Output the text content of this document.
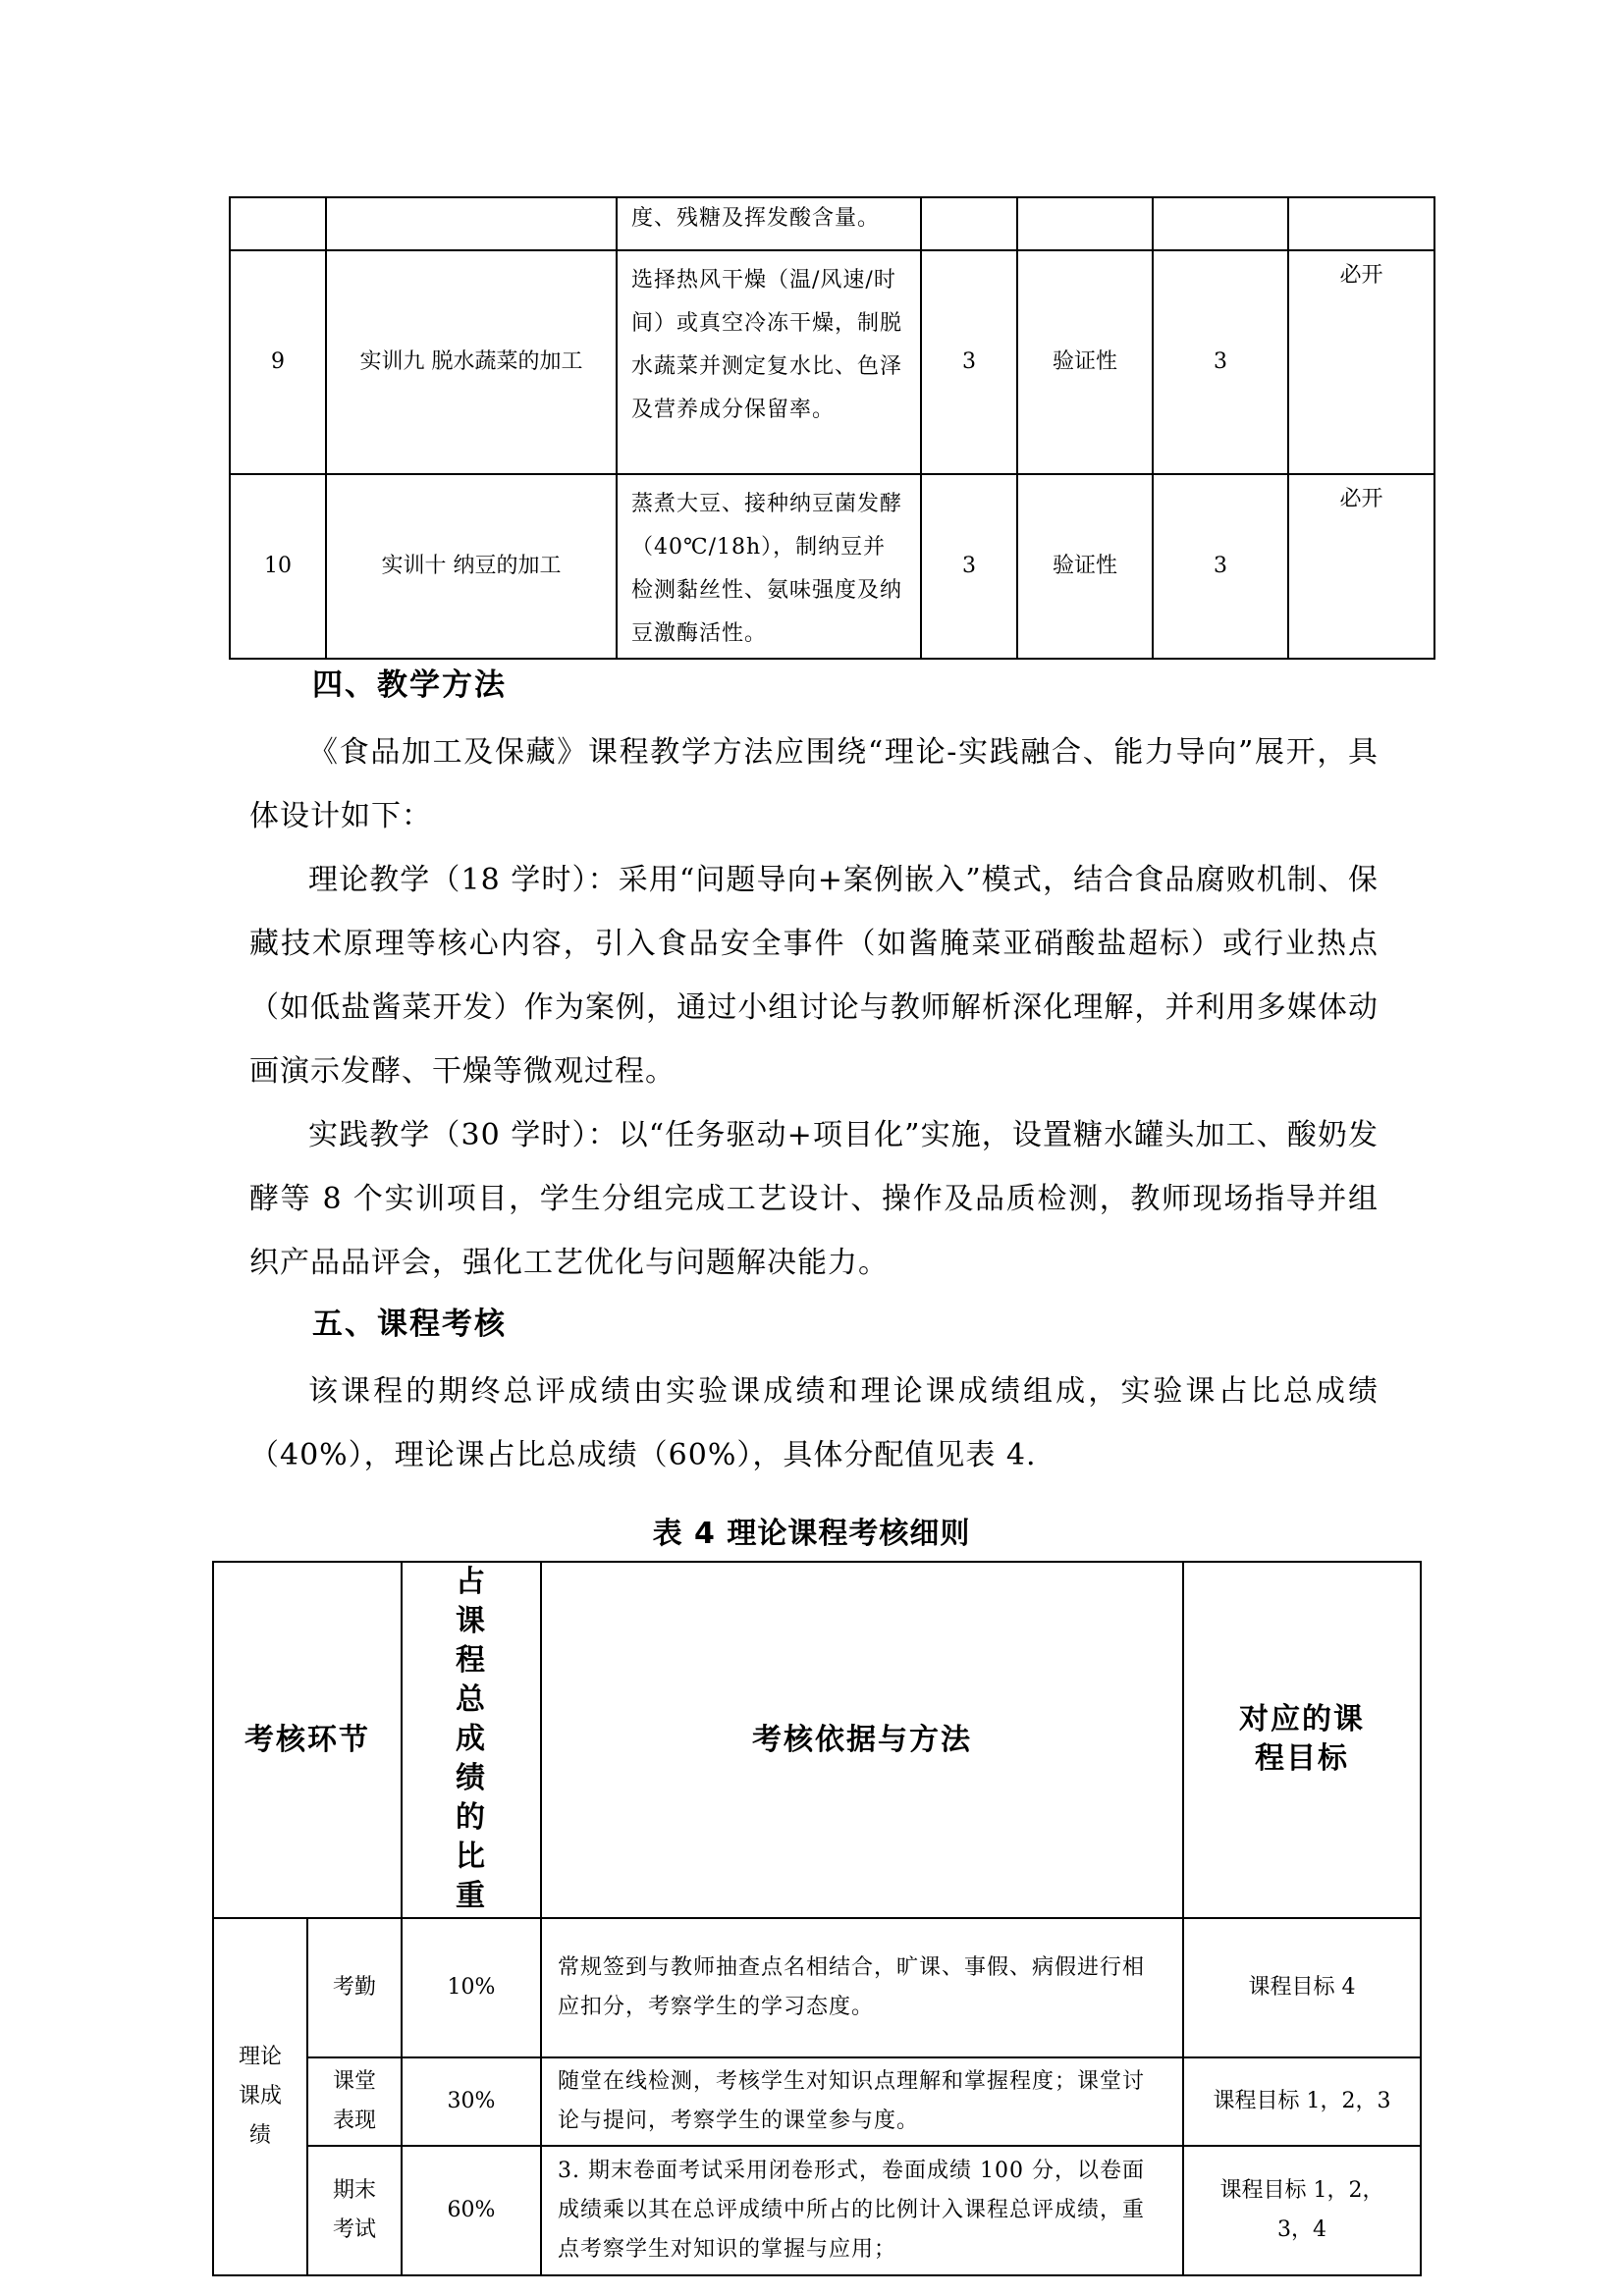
		度、残糖及挥发酸含量。				
9	实训九 脱水蔬菜的加工	选择热风干燥（温/风速/时间）或真空冷冻干燥，制脱水蔬菜并测定复水比、色泽及营养成分保留率。	3	验证性	3	必开
10	实训十 纳豆的加工	蒸煮大豆、接种纳豆菌发酵（40℃/18h），制纳豆并检测黏丝性、氨味强度及纳豆激酶活性。	3	验证性	3	必开
四、教学方法
《食品加工及保藏》课程教学方法应围绕“理论-实践融合、能力导向”展开，具体设计如下：
理论教学（18 学时）：采用“问题导向+案例嵌入”模式，结合食品腐败机制、保藏技术原理等核心内容，引入食品安全事件（如酱腌菜亚硝酸盐超标）或行业热点（如低盐酱菜开发）作为案例，通过小组讨论与教师解析深化理解，并利用多媒体动画演示发酵、干燥等微观过程。
实践教学（30 学时）：以“任务驱动+项目化”实施，设置糖水罐头加工、酸奶发酵等 8 个实训项目，学生分组完成工艺设计、操作及品质检测，教师现场指导并组织产品品评会，强化工艺优化与问题解决能力。
五、课程考核
该课程的期终总评成绩由实验课成绩和理论课成绩组成，实验课占比总成绩（40%），理论课占比总成绩（60%），具体分配值见表 4.
表 4 理论课程考核细则
考核环节		占课程总成绩的比重	考核依据与方法	对应的课程目标
理论课成绩	考勤	10%	常规签到与教师抽查点名相结合，旷课、事假、病假进行相应扣分，考察学生的学习态度。	课程目标 4
	课堂表现	30%	随堂在线检测，考核学生对知识点理解和掌握程度；课堂讨论与提问，考察学生的课堂参与度。	课程目标 1，2，3
	期末考试	60%	3. 期末卷面考试采用闭卷形式，卷面成绩 100 分，以卷面成绩乘以其在总评成绩中所占的比例计入课程总评成绩，重点考察学生对知识的掌握与应用；	课程目标 1，2，3，4
